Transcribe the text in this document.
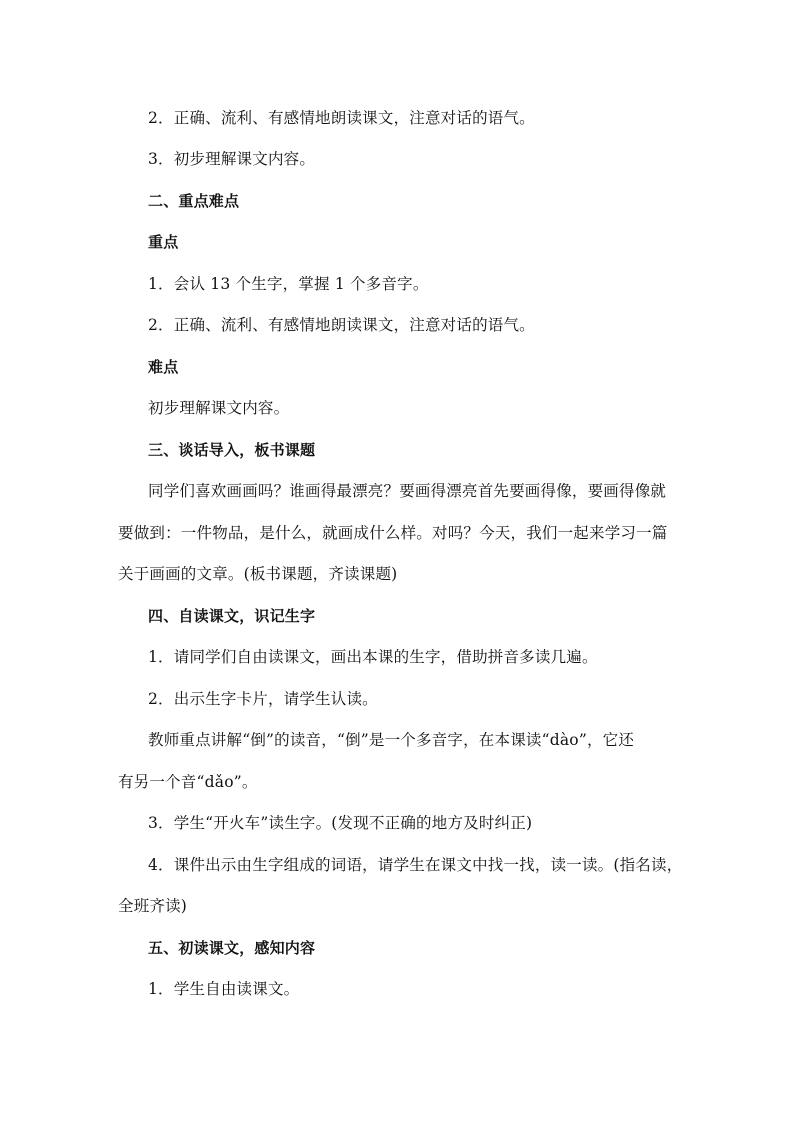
2．正确、流利、有感情地朗读课文，注意对话的语气。
3．初步理解课文内容。
二、重点难点
重点
1．会认 13 个生字，掌握 1 个多音字。
2．正确、流利、有感情地朗读课文，注意对话的语气。
难点
初步理解课文内容。
三、谈话导入，板书课题
同学们喜欢画画吗？谁画得最漂亮？要画得漂亮首先要画得像，要画得像就
要做到：一件物品，是什么，就画成什么样。对吗？今天，我们一起来学习一篇
关于画画的文章。(板书课题，齐读课题)
四、自读课文，识记生字
1．请同学们自由读课文，画出本课的生字，借助拼音多读几遍。
2．出示生字卡片，请学生认读。
教师重点讲解“倒”的读音，“倒”是一个多音字，在本课读“dào”，它还
有另一个音“dǎo”。
3．学生“开火车”读生字。(发现不正确的地方及时纠正)
4．课件出示由生字组成的词语，请学生在课文中找一找，读一读。(指名读，
全班齐读)
五、初读课文，感知内容
1．学生自由读课文。
